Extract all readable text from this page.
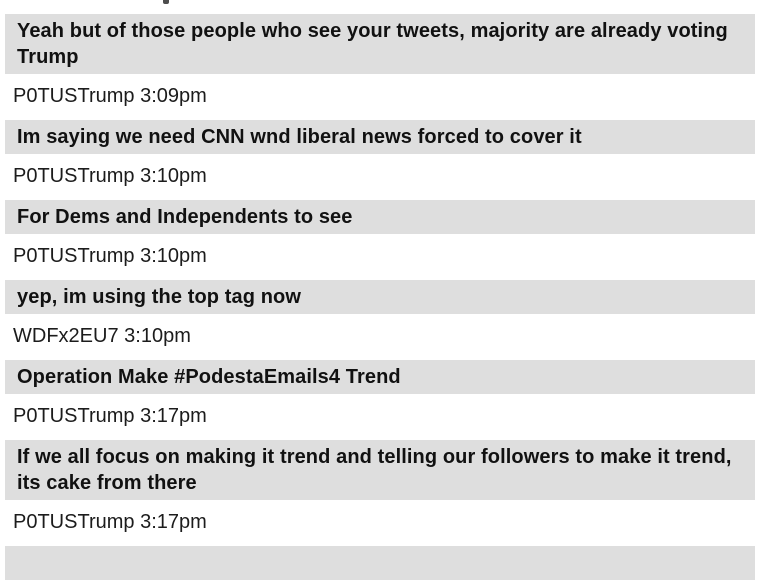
Yeah but of those people who see your tweets, majority are already voting Trump
P0TUSTrump 3:09pm
Im saying we need CNN wnd liberal news forced to cover it
P0TUSTrump 3:10pm
For Dems and Independents to see
P0TUSTrump 3:10pm
yep, im using the top tag now
WDFx2EU7 3:10pm
Operation Make #PodestaEmails4 Trend
P0TUSTrump 3:17pm
If we all focus on making it trend and telling our followers to make it trend, its cake from there
P0TUSTrump 3:17pm
